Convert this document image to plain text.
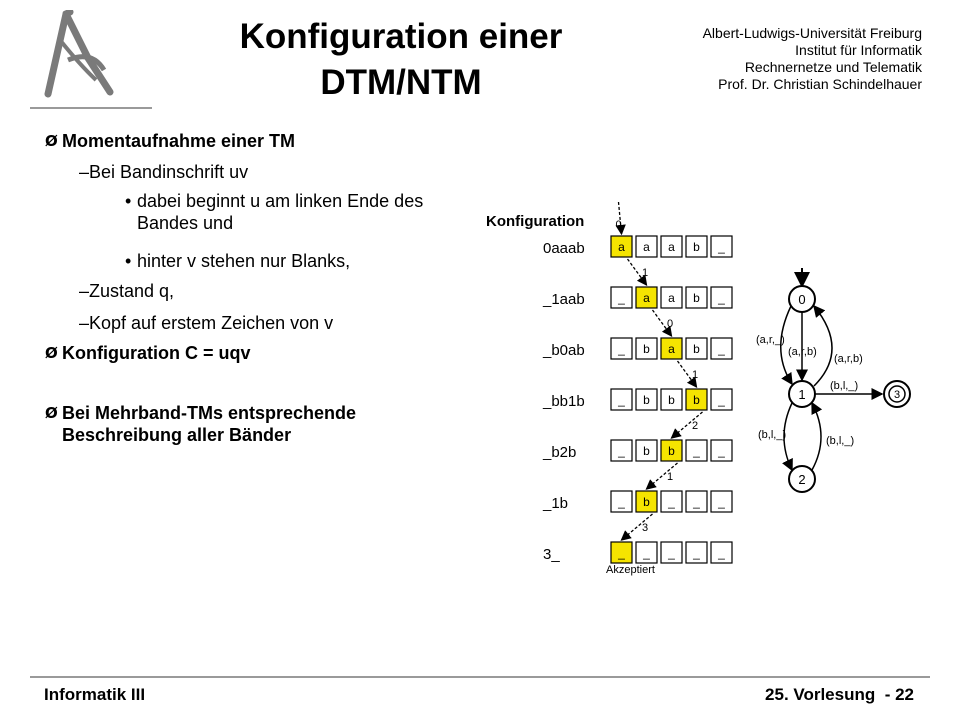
Konfiguration einer
DTM/NTM
Albert-Ludwigs-Universität Freiburg
Institut für Informatik
Rechnernetze und Telematik
Prof. Dr. Christian Schindelhauer
Ø Momentaufnahme einer TM
–Bei Bandinschrift uv
• dabei beginnt u am linken Ende des Bandes und
• hinter v stehen nur Blanks,
–Zustand q,
–Kopf auf erstem Zeichen von v
Ø Konfiguration C = uqv
Ø Bei Mehrband-TMs entsprechende Beschreibung aller Bänder
Konfiguration
0aaab	a a a b _
_1aab	_ a a b _
_b0ab	_ b a b _
_bb1b	_ b b b _
_b2b	_ b b _ _
_1b	_ b _ _ _
3_	_ _ _ _ _
0
1
0
1
2
1
3
Akzeptiert
0
1
2
3
(a,r,_)
(a,r,b)
(a,r,b)
(b,l,_)
(b,l,_)	(b,l,_)
Informatik III	25. Vorlesung  - 22
